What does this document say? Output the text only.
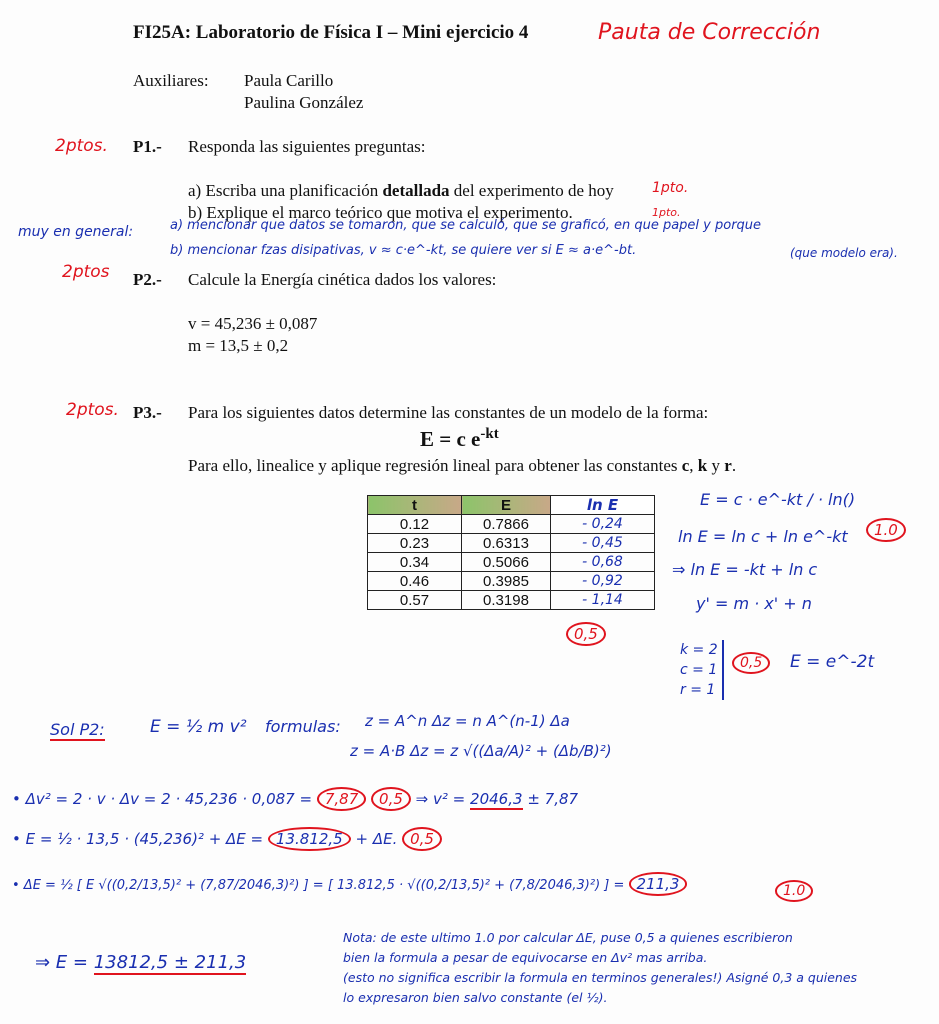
FI25A: Laboratorio de Física I – Mini ejercicio 4	Pauta de Corrección
Auxiliares: Paula Carillo
Paulina González
2ptos. P1.- Responda las siguientes preguntas:
a) Escriba una planificación detallada del experimento de hoy	1pto.
b) Explique el marco teórico que motiva el experimento.	1pto.
muy en general:	a) mencionar que datos se tomaron, que se calculó, que se graficó, en que papel y porque
b) mencionar fzas disipativas, v ≈ c·e^-kt, se quiere ver si E ≈ a·e^-bt.	(que modelo era).
2ptos P2.- Calcule la Energía cinética dados los valores:
v = 45,236 ± 0,087
m = 13,5 ± 0,2
2ptos. P3.- Para los siguientes datos determine las constantes de un modelo de la forma:
E = c $e^{-kt}$
Para ello, linealice y aplique regresión lineal para obtener las constantes c, k y r.
t	E	ln E
0.12	0.7866	- 0,24
0.23	0.6313	- 0,45
0.34	0.5066	- 0,68
0.46	0.3985	- 0,92
0.57	0.3198	- 1,14
0,5
E = c · e^-kt / · ln()
ln E = ln c + ln e^-kt	1.0
⇒ ln E = -kt + ln c
y' = m · x' + n
k = 2
c = 1
r = 1
0,5	E = e^-2t
Sol P2:	E = ½ m v² formulas: z = A^n Δz = n A^(n-1) Δa
z = A·B Δz = z √((Δa/A)² + (Δb/B)²)
• Δv² = 2 · v · Δv = 2 · 45,236 · 0,087 = 7,87 0,5 ⇒ v² = 2046,3 ± 7,87
• E = ½ · 13,5 · (45,236)² + ΔE = 13.812,5 + ΔE. 0,5
• ΔE = ½ [ E √((0,2/13,5)² + (7,87/2046,3)²) ] = [ 13.812,5 · √((0,2/13,5)² + (7,8/2046,3)²) ] = 211,3	1.0
⇒ E = 13812,5 ± 211,3
Nota: de este ultimo 1.0 por calcular ΔE, puse 0,5 a quienes escribieron
bien la formula a pesar de equivocarse en Δv² mas arriba.
(esto no significa escribir la formula en terminos generales!) Asigné 0,3 a quienes
lo expresaron bien salvo constante (el ½).
